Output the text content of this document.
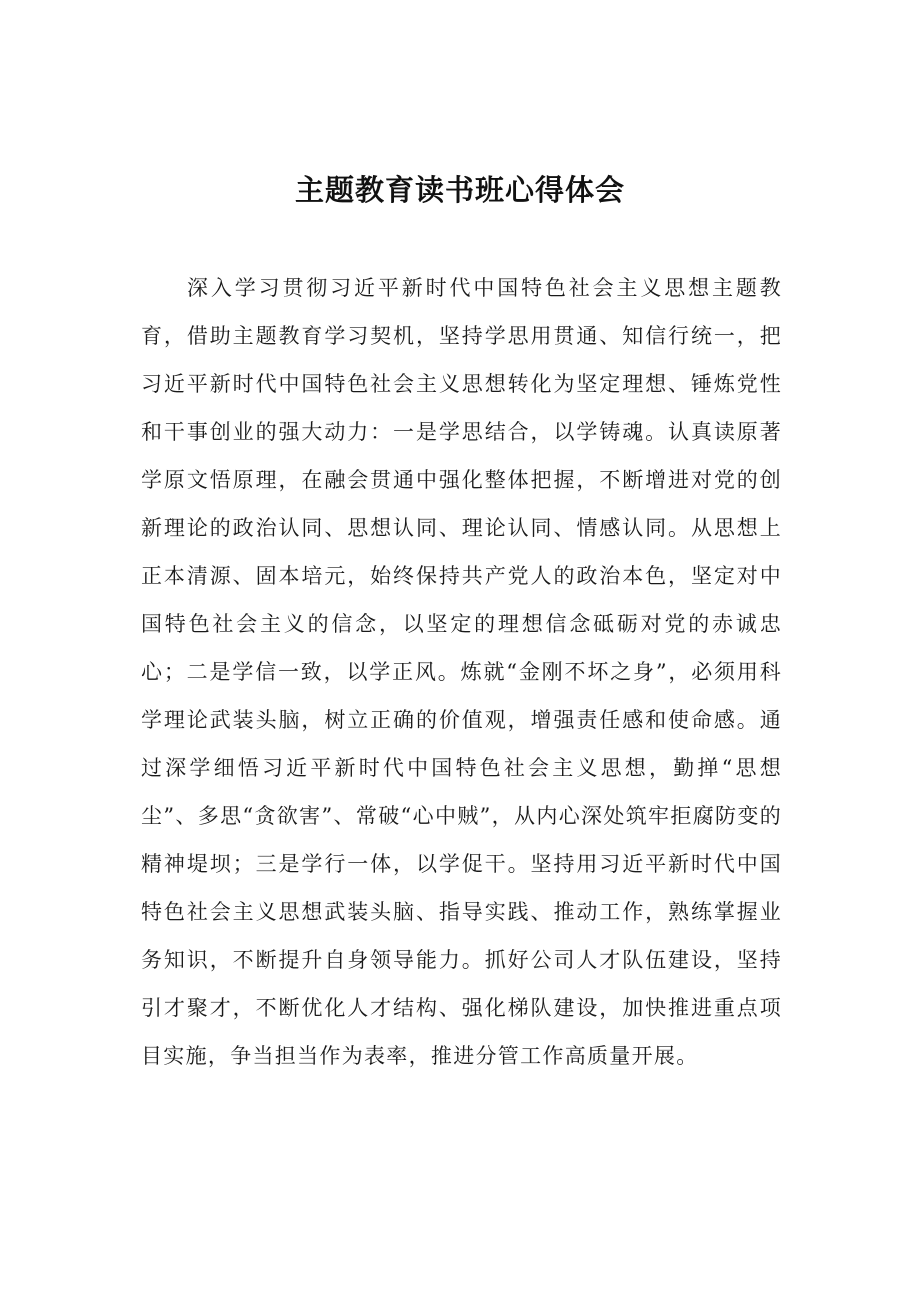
主题教育读书班心得体会

深入学习贯彻习近平新时代中国特色社会主义思想主题教育，借助主题教育学习契机，坚持学思用贯通、知信行统一，把习近平新时代中国特色社会主义思想转化为坚定理想、锤炼党性和干事创业的强大动力：一是学思结合，以学铸魂。认真读原著学原文悟原理，在融会贯通中强化整体把握，不断增进对党的创新理论的政治认同、思想认同、理论认同、情感认同。从思想上正本清源、固本培元，始终保持共产党人的政治本色，坚定对中国特色社会主义的信念，以坚定的理想信念砥砺对党的赤诚忠心；二是学信一致，以学正风。炼就“金刚不坏之身”，必须用科学理论武装头脑，树立正确的价值观，增强责任感和使命感。通过深学细悟习近平新时代中国特色社会主义思想，勤掸“思想尘”、多思“贪欲害”、常破“心中贼”，从内心深处筑牢拒腐防变的精神堤坝；三是学行一体，以学促干。坚持用习近平新时代中国特色社会主义思想武装头脑、指导实践、推动工作，熟练掌握业务知识，不断提升自身领导能力。抓好公司人才队伍建设，坚持引才聚才，不断优化人才结构、强化梯队建设，加快推进重点项目实施，争当担当作为表率，推进分管工作高质量开展。
